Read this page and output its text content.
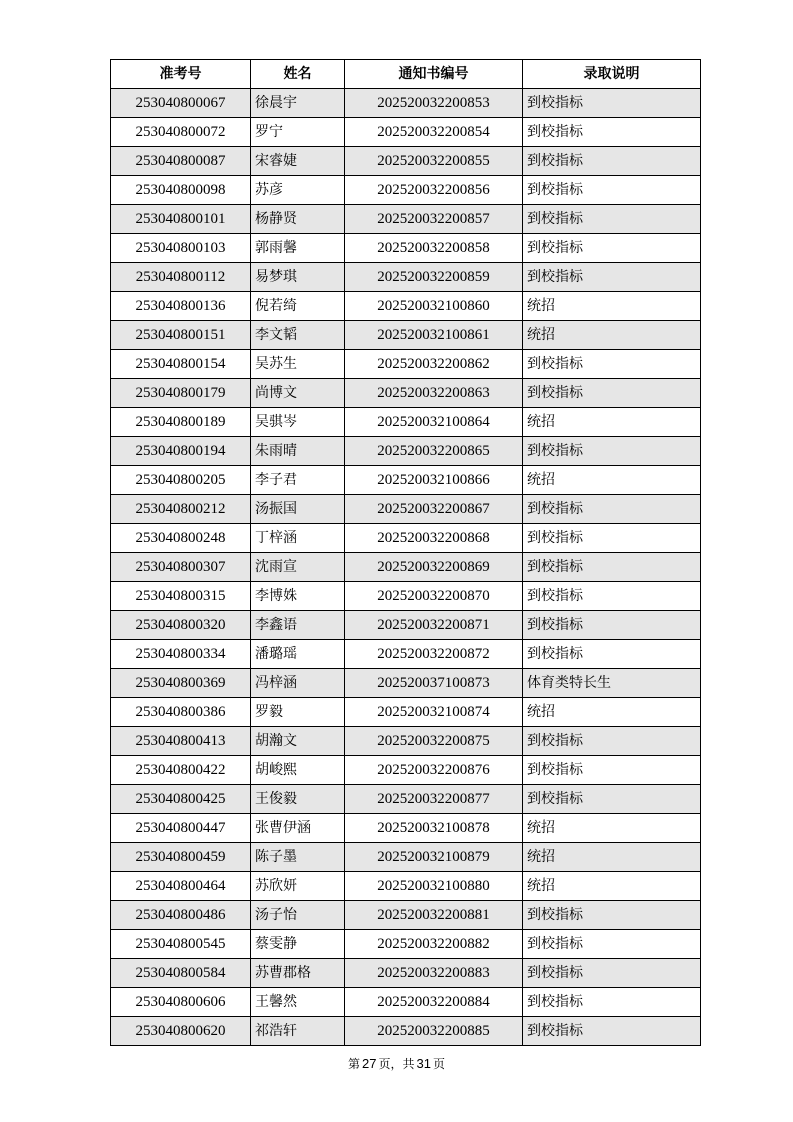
准考号	姓名	通知书编号	录取说明
253040800067	徐晨宇	202520032200853	到校指标
253040800072	罗宁	202520032200854	到校指标
253040800087	宋睿婕	202520032200855	到校指标
253040800098	苏彦	202520032200856	到校指标
253040800101	杨静贤	202520032200857	到校指标
253040800103	郭雨馨	202520032200858	到校指标
253040800112	易梦琪	202520032200859	到校指标
253040800136	倪若绮	202520032100860	统招
253040800151	李文韬	202520032100861	统招
253040800154	吴苏生	202520032200862	到校指标
253040800179	尚博文	202520032200863	到校指标
253040800189	吴骐岑	202520032100864	统招
253040800194	朱雨晴	202520032200865	到校指标
253040800205	李子君	202520032100866	统招
253040800212	汤振国	202520032200867	到校指标
253040800248	丁梓涵	202520032200868	到校指标
253040800307	沈雨宣	202520032200869	到校指标
253040800315	李博姝	202520032200870	到校指标
253040800320	李鑫语	202520032200871	到校指标
253040800334	潘璐瑶	202520032200872	到校指标
253040800369	冯梓涵	202520037100873	体育类特长生
253040800386	罗毅	202520032100874	统招
253040800413	胡瀚文	202520032200875	到校指标
253040800422	胡峻熙	202520032200876	到校指标
253040800425	王俊毅	202520032200877	到校指标
253040800447	张曹伊涵	202520032100878	统招
253040800459	陈子墨	202520032100879	统招
253040800464	苏欣妍	202520032100880	统招
253040800486	汤子怡	202520032200881	到校指标
253040800545	蔡雯静	202520032200882	到校指标
253040800584	苏曹郡格	202520032200883	到校指标
253040800606	王馨然	202520032200884	到校指标
253040800620	祁浩轩	202520032200885	到校指标
第 27 页，共 31 页
